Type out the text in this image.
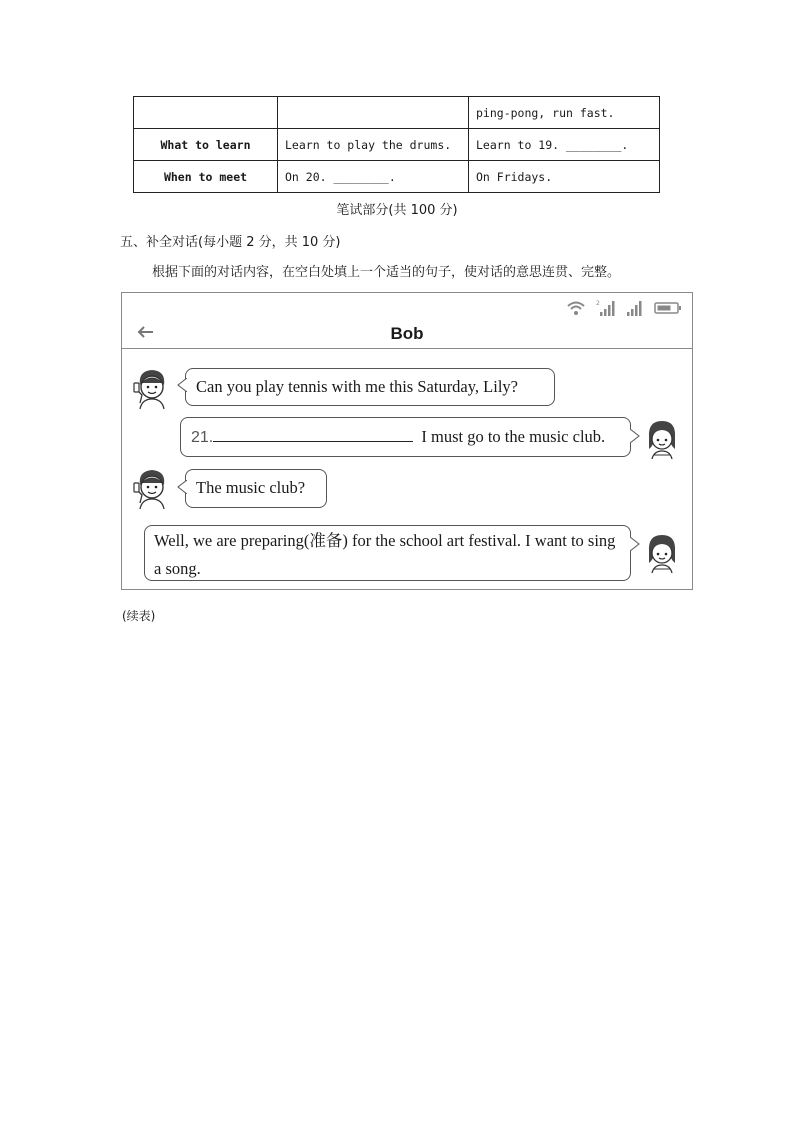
		ping-pong, run fast.
What to learn	Learn to play the drums.	Learn to 19. ________.
When to meet	On 20. ________.	On Fridays.
笔试部分(共 100 分)
五、补全对话(每小题 2 分，共 10 分)
根据下面的对话内容，在空白处填上一个适当的句子，使对话的意思连贯、完整。
2
Bob
Can you play tennis with me this Saturday, Lily?
21.	I must go to the music club.
The music club?
Well, we are preparing(准备) for the school art festival. I want to sing a song.
(续表)
